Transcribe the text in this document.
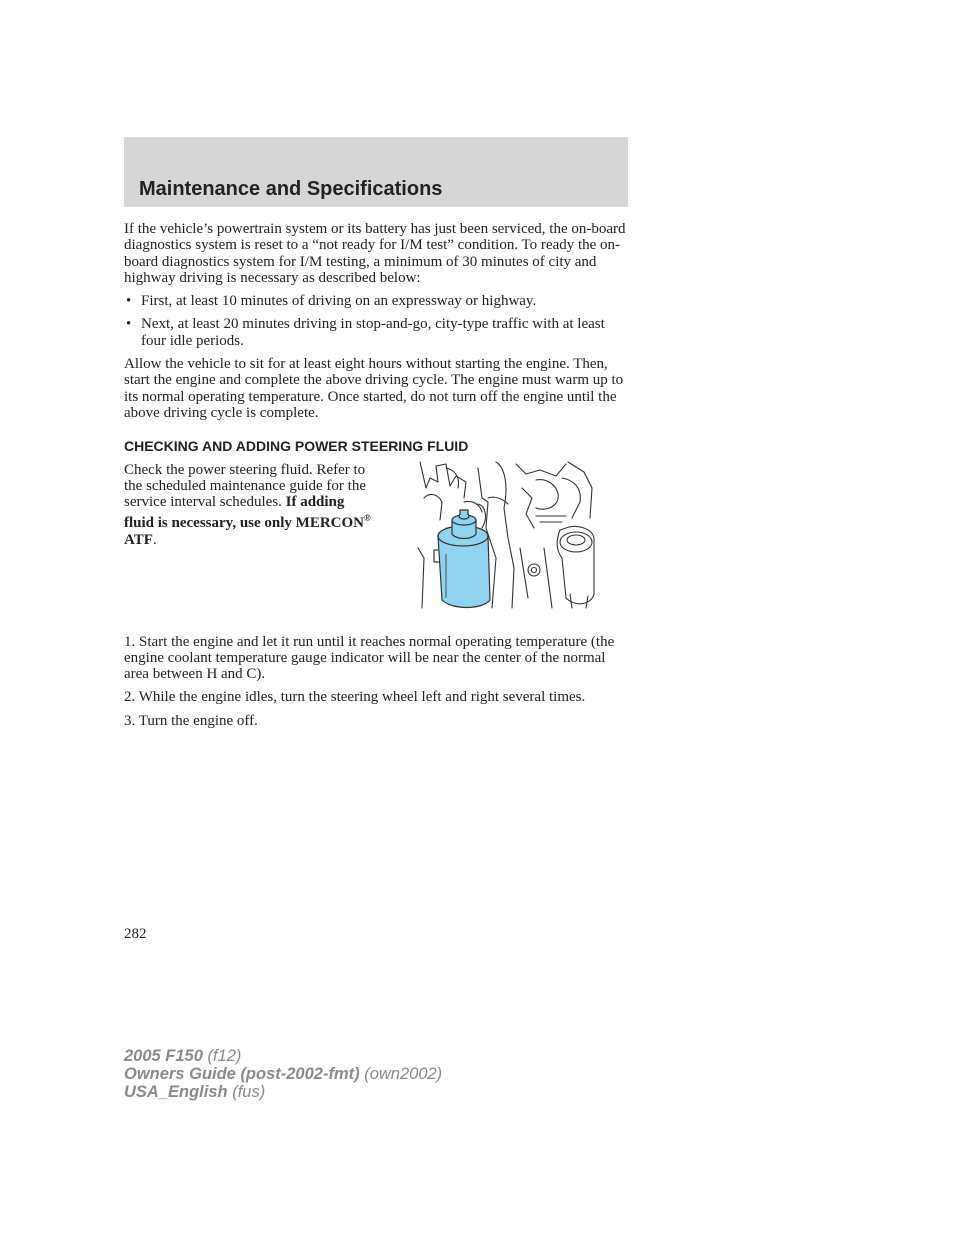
Maintenance and Specifications

If the vehicle’s powertrain system or its battery has just been serviced, the on-board diagnostics system is reset to a “not ready for I/M test” condition. To ready the on-board diagnostics system for I/M testing, a minimum of 30 minutes of city and highway driving is necessary as described below:

• First, at least 10 minutes of driving on an expressway or highway.
• Next, at least 20 minutes driving in stop-and-go, city-type traffic with at least four idle periods.

Allow the vehicle to sit for at least eight hours without starting the engine. Then, start the engine and complete the above driving cycle. The engine must warm up to its normal operating temperature. Once started, do not turn off the engine until the above driving cycle is complete.

CHECKING AND ADDING POWER STEERING FLUID

Check the power steering fluid. Refer to the scheduled maintenance guide for the service interval schedules. If adding fluid is necessary, use only MERCON® ATF.

1. Start the engine and let it run until it reaches normal operating temperature (the engine coolant temperature gauge indicator will be near the center of the normal area between H and C).

2. While the engine idles, turn the steering wheel left and right several times.

3. Turn the engine off.

282
2005 F150 (f12)
Owners Guide (post-2002-fmt) (own2002)
USA_English (fus)
